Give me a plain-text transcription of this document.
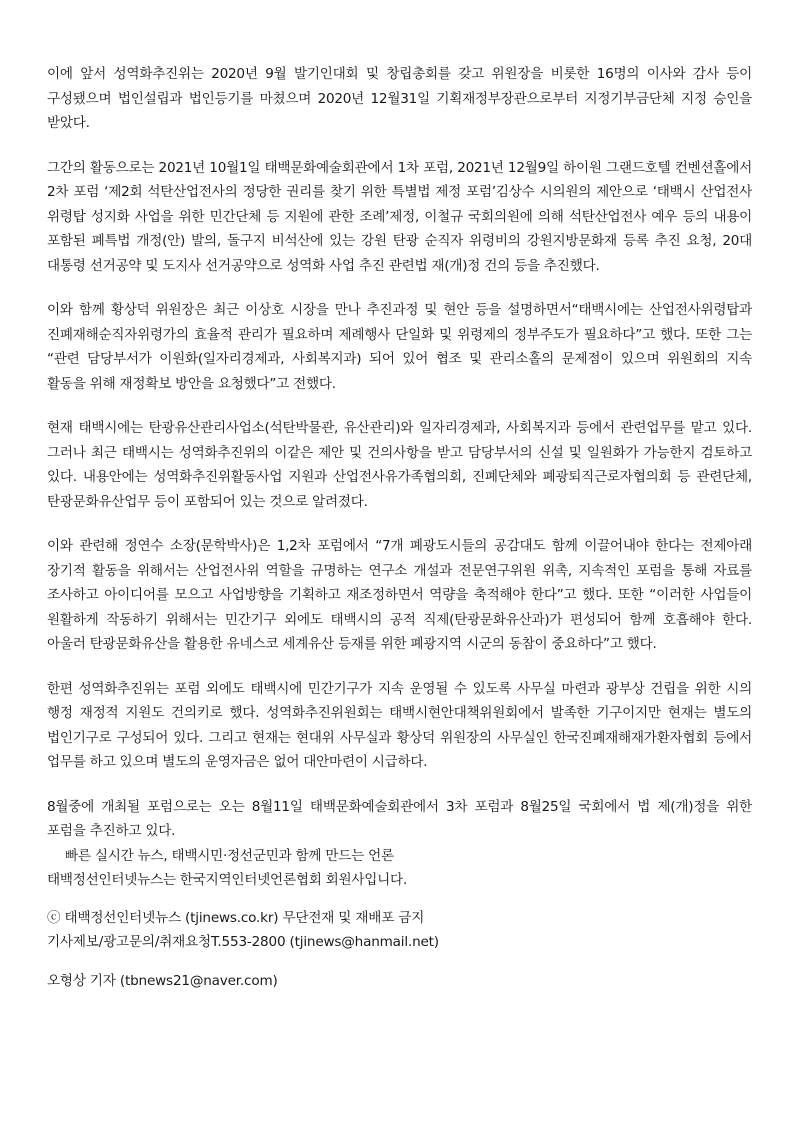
이에 앞서 성역화추진위는 2020년 9월 발기인대회 및 창립총회를 갖고 위원장을 비롯한 16명의 이사와 감사 등이 구성됐으며 법인설립과 법인등기를 마쳤으며 2020년 12월31일 기획재정부장관으로부터 지정기부금단체 지정 승인을 받았다.

그간의 활동으로는 2021년 10월1일 태백문화예술회관에서 1차 포럼, 2021년 12월9일 하이원 그랜드호텔 컨벤션홀에서 2차 포럼 ‘제2회 석탄산업전사의 정당한 권리를 찾기 위한 특별법 제정 포럼’김상수 시의원의 제안으로 ‘태백시 산업전사 위령탑 성지화 사업을 위한 민간단체 등 지원에 관한 조례’제정, 이철규 국회의원에 의해 석탄산업전사 예우 등의 내용이 포함된 폐특법 개정(안) 발의, 돌구지 비석산에 있는 강원 탄광 순직자 위령비의 강원지방문화재 등록 추진 요청, 20대 대통령 선거공약 및 도지사 선거공약으로 성역화 사업 추진 관련법 재(개)정 건의 등을 추진했다.

이와 함께 황상덕 위원장은 최근 이상호 시장을 만나 추진과정 및 현안 등을 설명하면서“태백시에는 산업전사위령탑과 진폐재해순직자위령가의 효율적 관리가 필요하며 제례행사 단일화 및 위령제의 정부주도가 필요하다”고 했다. 또한 그는 “관련 담당부서가 이원화(일자리경제과, 사회복지과) 되어 있어 협조 및 관리소홀의 문제점이 있으며 위원회의 지속 활동을 위해 재정확보 방안을 요청했다”고 전했다.

현재 태백시에는 탄광유산관리사업소(석탄박물관, 유산관리)와 일자리경제과, 사회복지과 등에서 관련업무를 맡고 있다. 그러나 최근 태백시는 성역화추진위의 이같은 제안 및 건의사항을 받고 담당부서의 신설 및 일원화가 가능한지 검토하고 있다. 내용안에는 성역화추진위활동사업 지원과 산업전사유가족협의회, 진폐단체와 폐광퇴직근로자협의회 등 관련단체, 탄광문화유산업무 등이 포함되어 있는 것으로 알려졌다.

이와 관련해 정연수 소장(문학박사)은 1,2차 포럼에서 “7개 폐광도시들의 공감대도 함께 이끌어내야 한다는 전제아래 장기적 활동을 위해서는 산업전사위 역할을 규명하는 연구소 개설과 전문연구위원 위촉, 지속적인 포럼을 통해 자료를 조사하고 아이디어를 모으고 사업방향을 기획하고 재조정하면서 역량을 축적해야 한다”고 했다. 또한 “이러한 사업들이 원활하게 작동하기 위해서는 민간기구 외에도 태백시의 공적 직제(탄광문화유산과)가 편성되어 함께 호흡해야 한다. 아울러 탄광문화유산을 활용한 유네스코 세계유산 등재를 위한 폐광지역 시군의 동참이 중요하다”고 했다.

한편 성역화추진위는 포럼 외에도 태백시에 민간기구가 지속 운영될 수 있도록 사무실 마련과 광부상 건립을 위한 시의 행정 재정적 지원도 건의키로 했다. 성역화추진위원회는 태백시현안대책위원회에서 발족한 기구이지만 현재는 별도의 법인기구로 구성되어 있다. 그리고 현재는 현대위 사무실과 황상덕 위원장의 사무실인 한국진폐재해재가환자협회 등에서 업무를 하고 있으며 별도의 운영자금은 없어 대안마련이 시급하다.

8월중에 개최될 포럼으로는 오는 8월11일 태백문화예술회관에서 3차 포럼과 8월25일 국회에서 법 제(개)정을 위한 포럼을 추진하고 있다.
빠른 실시간 뉴스, 태백시민·정선군민과 함께 만드는 언론
태백정선인터넷뉴스는 한국지역인터넷언론협회 회원사입니다.
ⓒ 태백정선인터넷뉴스 (tjinews.co.kr) 무단전재 및 재배포 금지
기사제보/광고문의/취재요청T.553-2800 (tjinews@hanmail.net)
오형상 기자 (tbnews21@naver.com)
